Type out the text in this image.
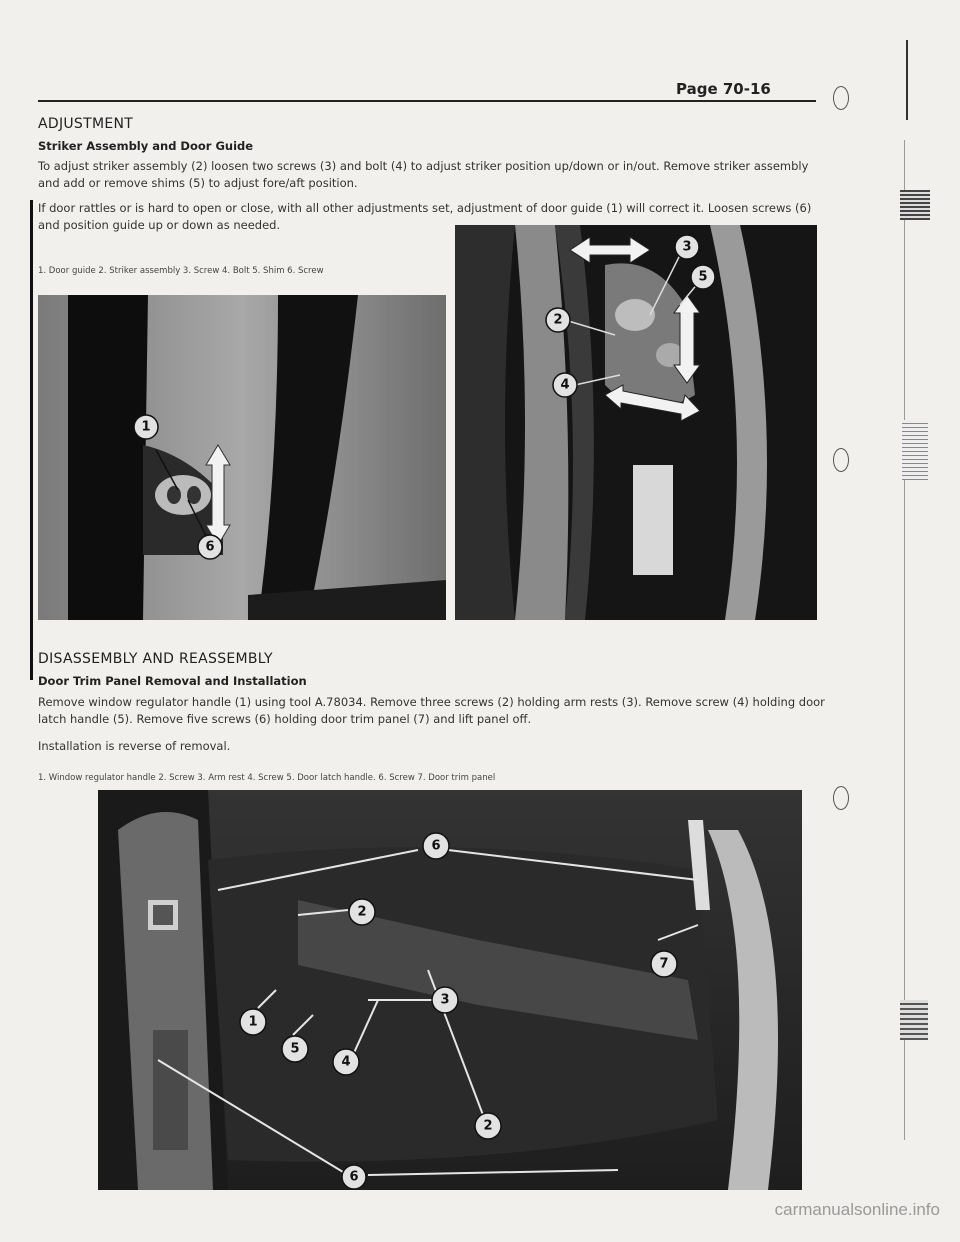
Page 70-16
ADJUSTMENT
Striker Assembly and Door Guide
To adjust striker assembly (2) loosen two screws (3) and bolt (4) to adjust striker position up/down or in/out. Remove striker assembly and add or remove shims (5) to adjust fore/aft position.
If door rattles or is hard to open or close, with all other adjustments set, adjustment of door guide (1) will correct it. Loosen screws (6) and position guide up or down as needed.
1. Door guide 2. Striker assembly 3. Screw 4. Bolt 5. Shim 6. Screw
1
6
3
5
2
4
DISASSEMBLY AND REASSEMBLY
Door Trim Panel Removal and Installation
Remove window regulator handle (1) using tool A.78034. Remove three screws (2) holding arm rests (3). Remove screw (4) holding door latch handle (5). Remove five screws (6) holding door trim panel (7) and lift panel off.
Installation is reverse of removal.
1. Window regulator handle 2. Screw 3. Arm rest 4. Screw 5. Door latch handle. 6. Screw 7. Door trim panel
6
2
7
3
1
5
4
2
6
carmanualsonline.info
